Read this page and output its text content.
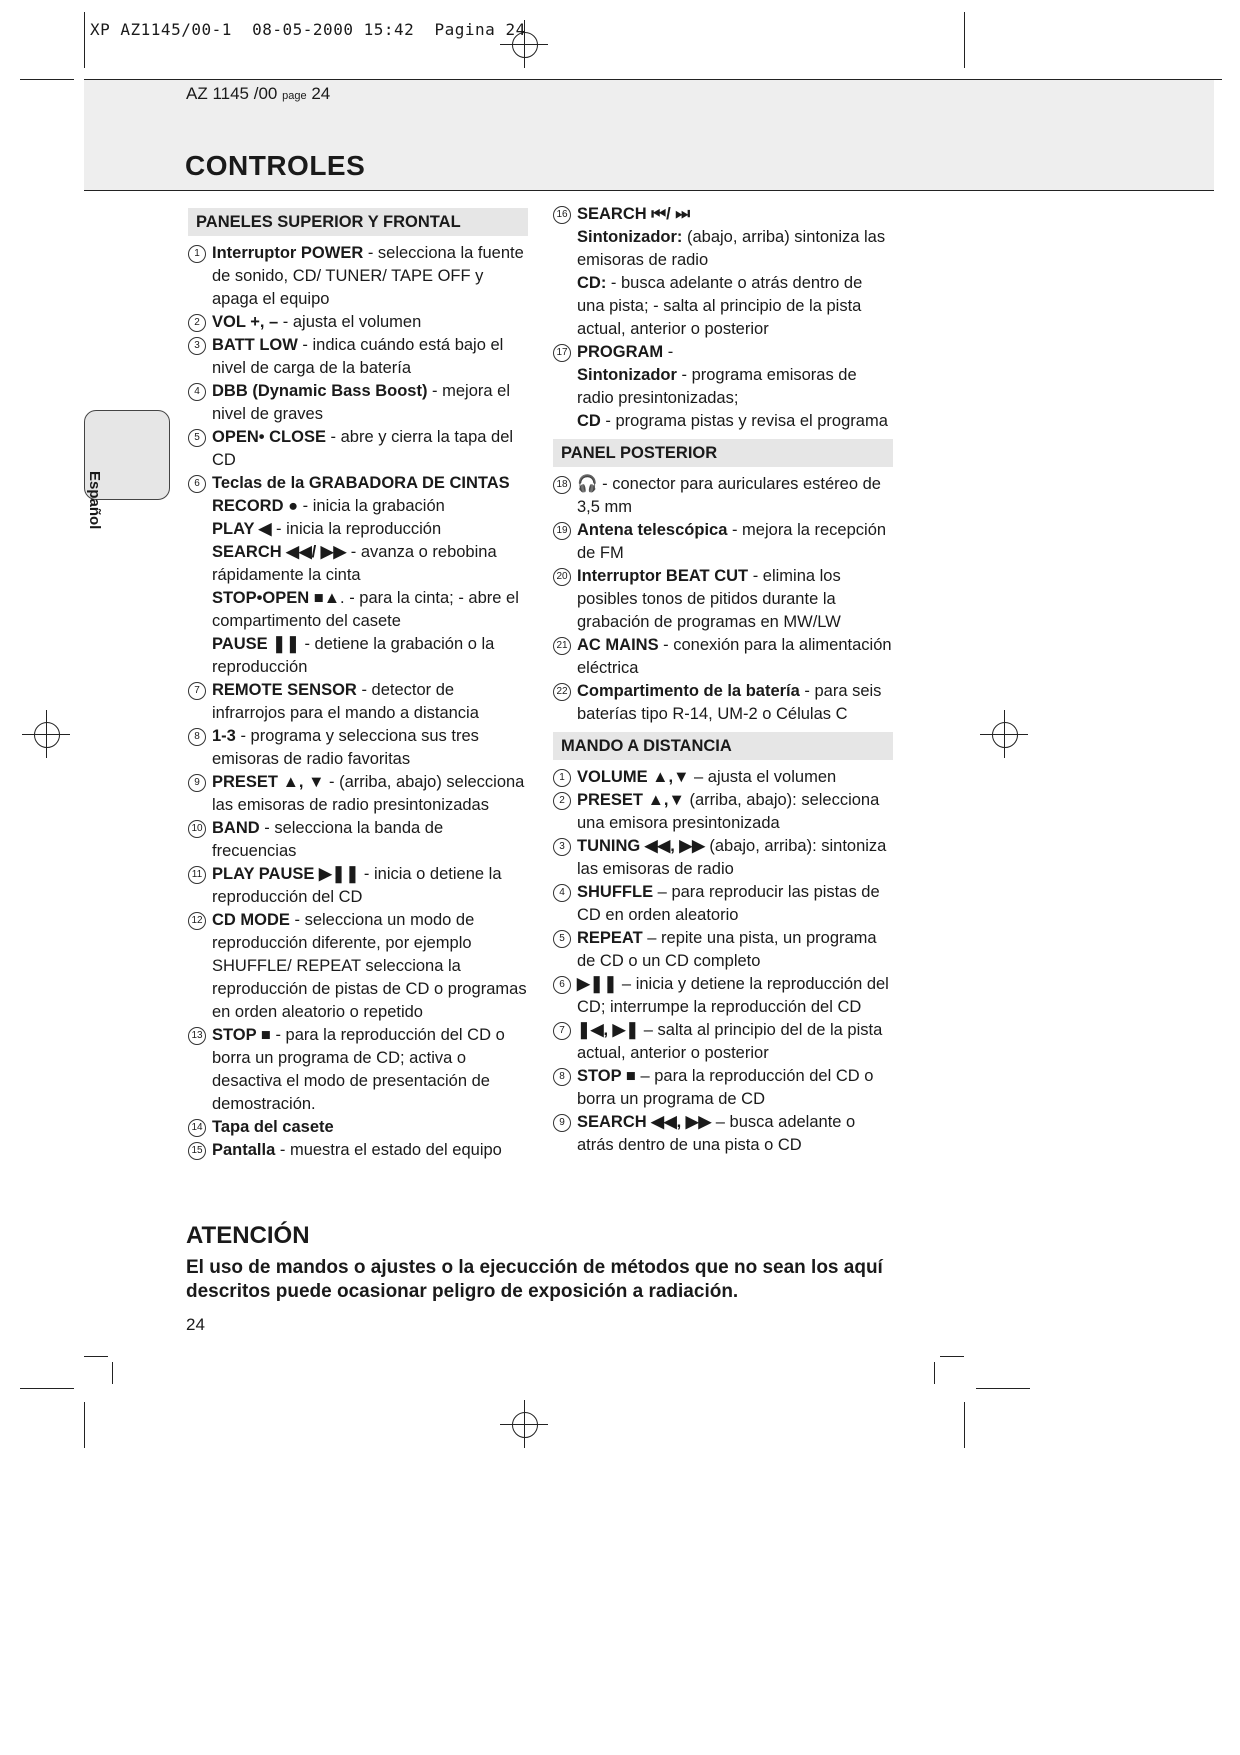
XP AZ1145/00-1  08-05-2000 15:42  Pagina 24
AZ 1145 /00 page 24
CONTROLES
Español
PANELES SUPERIOR Y FRONTAL
1 Interruptor POWER - selecciona la fuente de sonido, CD/ TUNER/ TAPE OFF y apaga el equipo
2 VOL +, – - ajusta el volumen
3 BATT LOW - indica cuándo está bajo el nivel de carga de la batería
4 DBB (Dynamic Bass Boost) - mejora el nivel de graves
5 OPEN• CLOSE - abre y cierra la tapa del CD
6 Teclas de la GRABADORA DE CINTAS
RECORD ● - inicia la grabación
PLAY ◀ - inicia la reproducción
SEARCH ◀◀/ ▶▶ - avanza o rebobina rápidamente la cinta
STOP•OPEN ■▲. - para la cinta; - abre el compartimento del casete
PAUSE ❚❚ - detiene la grabación o la reproducción
7 REMOTE SENSOR - detector de infrarrojos para el mando a distancia
8 1-3 - programa y selecciona sus tres emisoras de radio favoritas
9 PRESET ▲, ▼ - (arriba, abajo) selecciona las emisoras de radio presintonizadas
10 BAND - selecciona la banda de frecuencias
11 PLAY PAUSE ▶❚❚ - inicia o detiene la reproducción del CD
12 CD MODE - selecciona un modo de reproducción diferente, por ejemplo SHUFFLE/ REPEAT selecciona la reproducción de pistas de CD o programas en orden aleatorio o repetido
13 STOP ■ - para la reproducción del CD o borra un programa de CD; activa o desactiva el modo de presentación de demostración.
14 Tapa del casete
15 Pantalla - muestra el estado del equipo
16 SEARCH ⏮/ ⏭
Sintonizador: (abajo, arriba) sintoniza las emisoras de radio
CD: - busca adelante o atrás dentro de una pista; - salta al principio de la pista actual, anterior o posterior
17 PROGRAM -
Sintonizador - programa emisoras de radio presintonizadas;
CD - programa pistas y revisa el programa
PANEL POSTERIOR
18 🎧 - conector para auriculares estéreo de 3,5 mm
19 Antena telescópica - mejora la recepción de FM
20 Interruptor BEAT CUT - elimina los posibles tonos de pitidos durante la grabación de programas en MW/LW
21 AC MAINS - conexión para la alimentación eléctrica
22 Compartimento de la batería - para seis baterías tipo R-14, UM-2 o Células C
MANDO A DISTANCIA
1 VOLUME ▲,▼ – ajusta el volumen
2 PRESET ▲,▼ (arriba, abajo): selecciona una emisora presintonizada
3 TUNING ◀◀, ▶▶ (abajo, arriba): sintoniza las emisoras de radio
4 SHUFFLE – para reproducir las pistas de CD en orden aleatorio
5 REPEAT – repite una pista, un programa de CD o un CD completo
6 ▶❚❚ – inicia y detiene la reproducción del CD; interrumpe la reproducción del CD
7 ❚◀, ▶❚ – salta al principio del de la pista actual, anterior o posterior
8 STOP ■ – para la reproducción del CD o borra un programa de CD
9 SEARCH ◀◀, ▶▶ – busca adelante o atrás dentro de una pista o CD
ATENCIÓN
El uso de mandos o ajustes o la ejecucción de métodos que no sean los aquí descritos puede ocasionar peligro de exposición a radiación.
24
